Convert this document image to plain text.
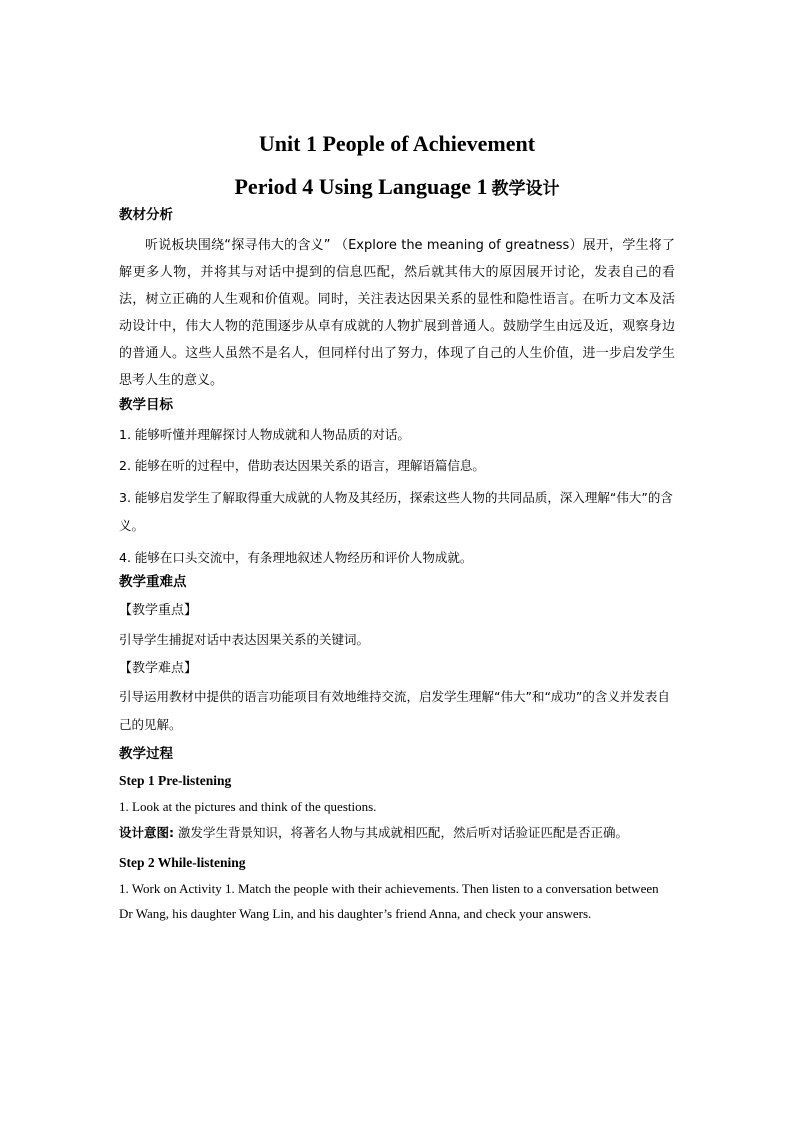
Unit 1 People of Achievement
Period 4 Using Language 1 教学设计
教材分析
听说板块围绕“探寻伟大的含义” （Explore the meaning of greatness）展开，学生将了解更多人物，并将其与对话中提到的信息匹配，然后就其伟大的原因展开讨论，发表自己的看法，树立正确的人生观和价值观。同时，关注表达因果关系的显性和隐性语言。在听力文本及活动设计中，伟大人物的范围逐步从卓有成就的人物扩展到普通人。鼓励学生由远及近，观察身边的普通人。这些人虽然不是名人，但同样付出了努力，体现了自己的人生价值，进一步启发学生思考人生的意义。
教学目标
1. 能够听懂并理解探讨人物成就和人物品质的对话。
2. 能够在听的过程中，借助表达因果关系的语言，理解语篇信息。
3. 能够启发学生了解取得重大成就的人物及其经历，探索这些人物的共同品质，深入理解“伟大”的含义。
4. 能够在口头交流中，有条理地叙述人物经历和评价人物成就。
教学重难点
【教学重点】
引导学生捕捉对话中表达因果关系的关键词。
【教学难点】
引导运用教材中提供的语言功能项目有效地维持交流，启发学生理解“伟大”和“成功”的含义并发表自己的见解。
教学过程
Step 1 Pre-listening
1. Look at the pictures and think of the questions.
设计意图: 激发学生背景知识，将著名人物与其成就相匹配，然后听对话验证匹配是否正确。
Step 2 While-listening
1. Work on Activity 1. Match the people with their achievements. Then listen to a conversation between Dr Wang, his daughter Wang Lin, and his daughter’s friend Anna, and check your answers.
